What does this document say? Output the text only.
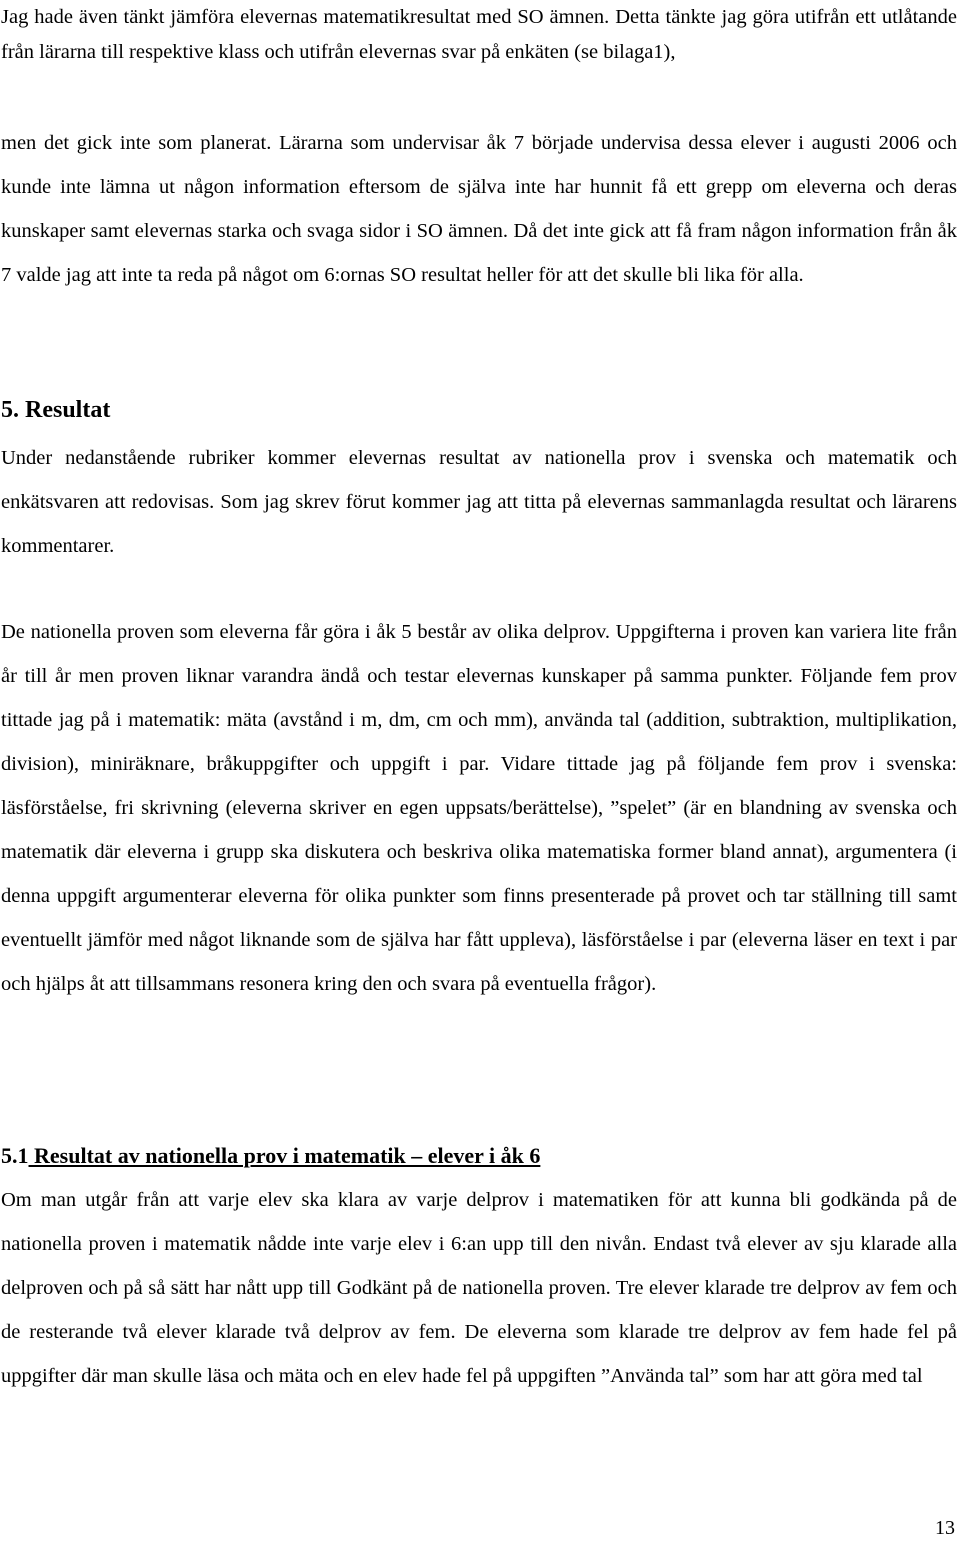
Jag hade även tänkt jämföra elevernas matematikresultat med SO ämnen. Detta tänkte jag göra utifrån ett utlåtande från lärarna till respektive klass och utifrån elevernas svar på enkäten (se bilaga1),

men det gick inte som planerat. Lärarna som undervisar åk 7 började undervisa dessa elever i augusti 2006 och kunde inte lämna ut någon information eftersom de själva inte har hunnit få ett grepp om eleverna och deras kunskaper samt elevernas starka och svaga sidor i SO ämnen. Då det inte gick att få fram någon information från åk 7 valde jag att inte ta reda på något om 6:ornas SO resultat heller för att det skulle bli lika för alla.

5. Resultat

Under nedanstående rubriker kommer elevernas resultat av nationella prov i svenska och matematik och enkätsvaren att redovisas. Som jag skrev förut kommer jag att titta på elevernas sammanlagda resultat och lärarens kommentarer.

De nationella proven som eleverna får göra i åk 5 består av olika delprov. Uppgifterna i proven kan variera lite från år till år men proven liknar varandra ändå och testar elevernas kunskaper på samma punkter. Följande fem prov tittade jag på i matematik: mäta (avstånd i m, dm, cm och mm), använda tal (addition, subtraktion, multiplikation, division), miniräknare, bråkuppgifter och uppgift i par. Vidare tittade jag på följande fem prov i svenska: läsförståelse, fri skrivning (eleverna skriver en egen uppsats/berättelse), ”spelet” (är en blandning av svenska och matematik där eleverna i grupp ska diskutera och beskriva olika matematiska former bland annat), argumentera (i denna uppgift argumenterar eleverna för olika punkter som finns presenterade på provet och tar ställning till samt eventuellt jämför med något liknande som de själva har fått uppleva), läsförståelse i par (eleverna läser en text i par och hjälps åt att tillsammans resonera kring den och svara på eventuella frågor).

5.1 Resultat av nationella prov i matematik – elever i åk 6

Om man utgår från att varje elev ska klara av varje delprov i matematiken för att kunna bli godkända på de nationella proven i matematik nådde inte varje elev i 6:an upp till den nivån. Endast två elever av sju klarade alla delproven och på så sätt har nått upp till Godkänt på de nationella proven. Tre elever klarade tre delprov av fem och de resterande två elever klarade två delprov av fem. De eleverna som klarade tre delprov av fem hade fel på uppgifter där man skulle läsa och mäta och en elev hade fel på uppgiften ”Använda tal” som har att göra med tal

13
